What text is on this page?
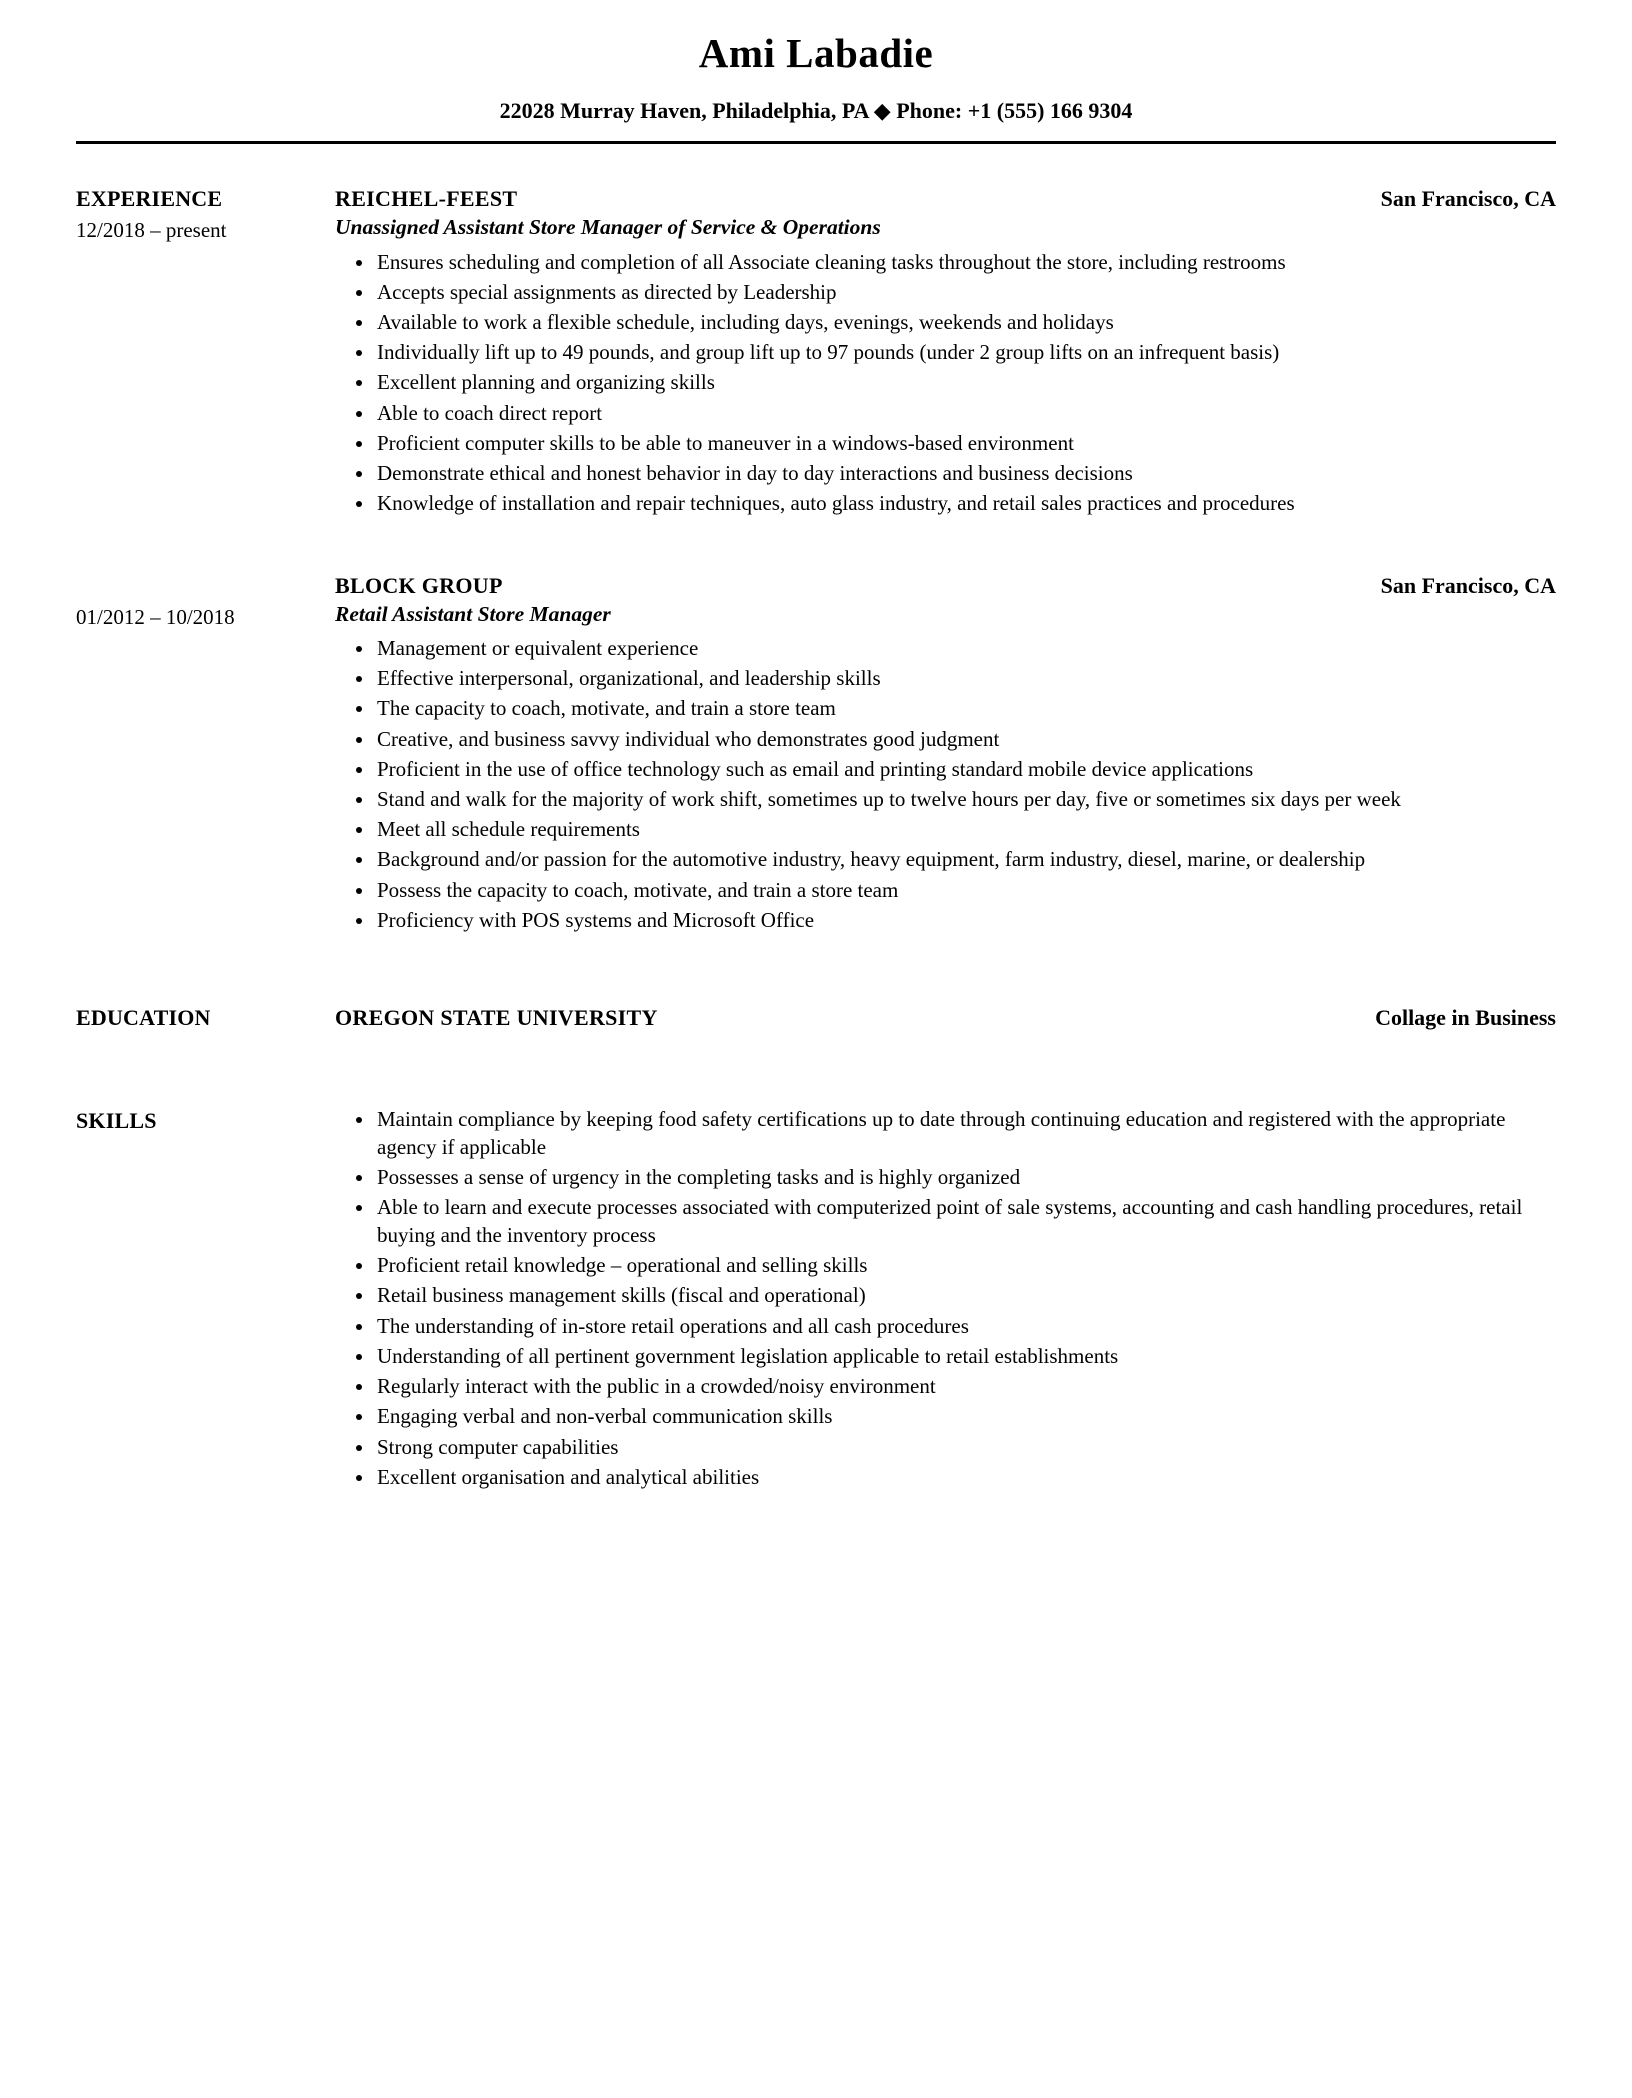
Ami Labadie
22028 Murray Haven, Philadelphia, PA ◆ Phone: +1 (555) 166 9304
EXPERIENCE
12/2018 – present
REICHEL-FEEST	San Francisco, CA
Unassigned Assistant Store Manager of Service & Operations
• Ensures scheduling and completion of all Associate cleaning tasks throughout the store, including restrooms
• Accepts special assignments as directed by Leadership
• Available to work a flexible schedule, including days, evenings, weekends and holidays
• Individually lift up to 49 pounds, and group lift up to 97 pounds (under 2 group lifts on an infrequent basis)
• Excellent planning and organizing skills
• Able to coach direct report
• Proficient computer skills to be able to maneuver in a windows-based environment
• Demonstrate ethical and honest behavior in day to day interactions and business decisions
• Knowledge of installation and repair techniques, auto glass industry, and retail sales practices and procedures
01/2012 – 10/2018
BLOCK GROUP	San Francisco, CA
Retail Assistant Store Manager
• Management or equivalent experience
• Effective interpersonal, organizational, and leadership skills
• The capacity to coach, motivate, and train a store team
• Creative, and business savvy individual who demonstrates good judgment
• Proficient in the use of office technology such as email and printing standard mobile device applications
• Stand and walk for the majority of work shift, sometimes up to twelve hours per day, five or sometimes six days per week
• Meet all schedule requirements
• Background and/or passion for the automotive industry, heavy equipment, farm industry, diesel, marine, or dealership
• Possess the capacity to coach, motivate, and train a store team
• Proficiency with POS systems and Microsoft Office
EDUCATION	OREGON STATE UNIVERSITY	Collage in Business
SKILLS	• Maintain compliance by keeping food safety certifications up to date through continuing education and registered with the appropriate agency if applicable
• Possesses a sense of urgency in the completing tasks and is highly organized
• Able to learn and execute processes associated with computerized point of sale systems, accounting and cash handling procedures, retail buying and the inventory process
• Proficient retail knowledge – operational and selling skills
• Retail business management skills (fiscal and operational)
• The understanding of in-store retail operations and all cash procedures
• Understanding of all pertinent government legislation applicable to retail establishments
• Regularly interact with the public in a crowded/noisy environment
• Engaging verbal and non-verbal communication skills
• Strong computer capabilities
• Excellent organisation and analytical abilities
